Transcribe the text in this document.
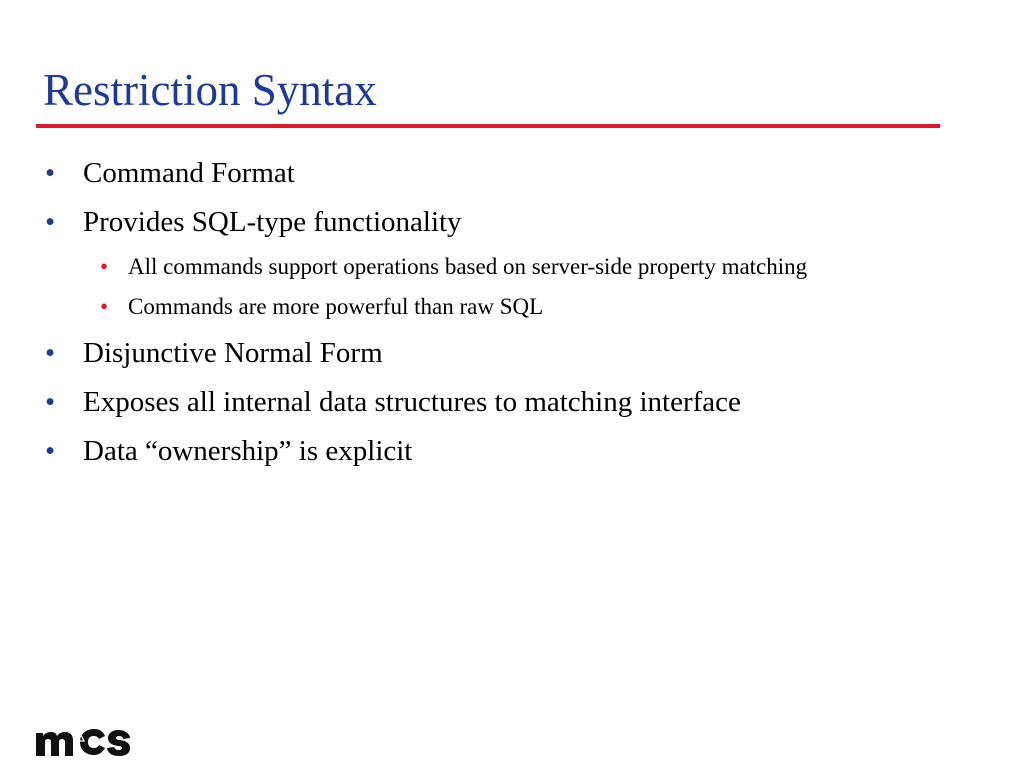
Restriction Syntax
• Command Format
• Provides SQL-type functionality
• All commands support operations based on server-side property matching
• Commands are more powerful than raw SQL
• Disjunctive Normal Form
• Exposes all internal data structures to matching interface
• Data “ownership” is explicit
